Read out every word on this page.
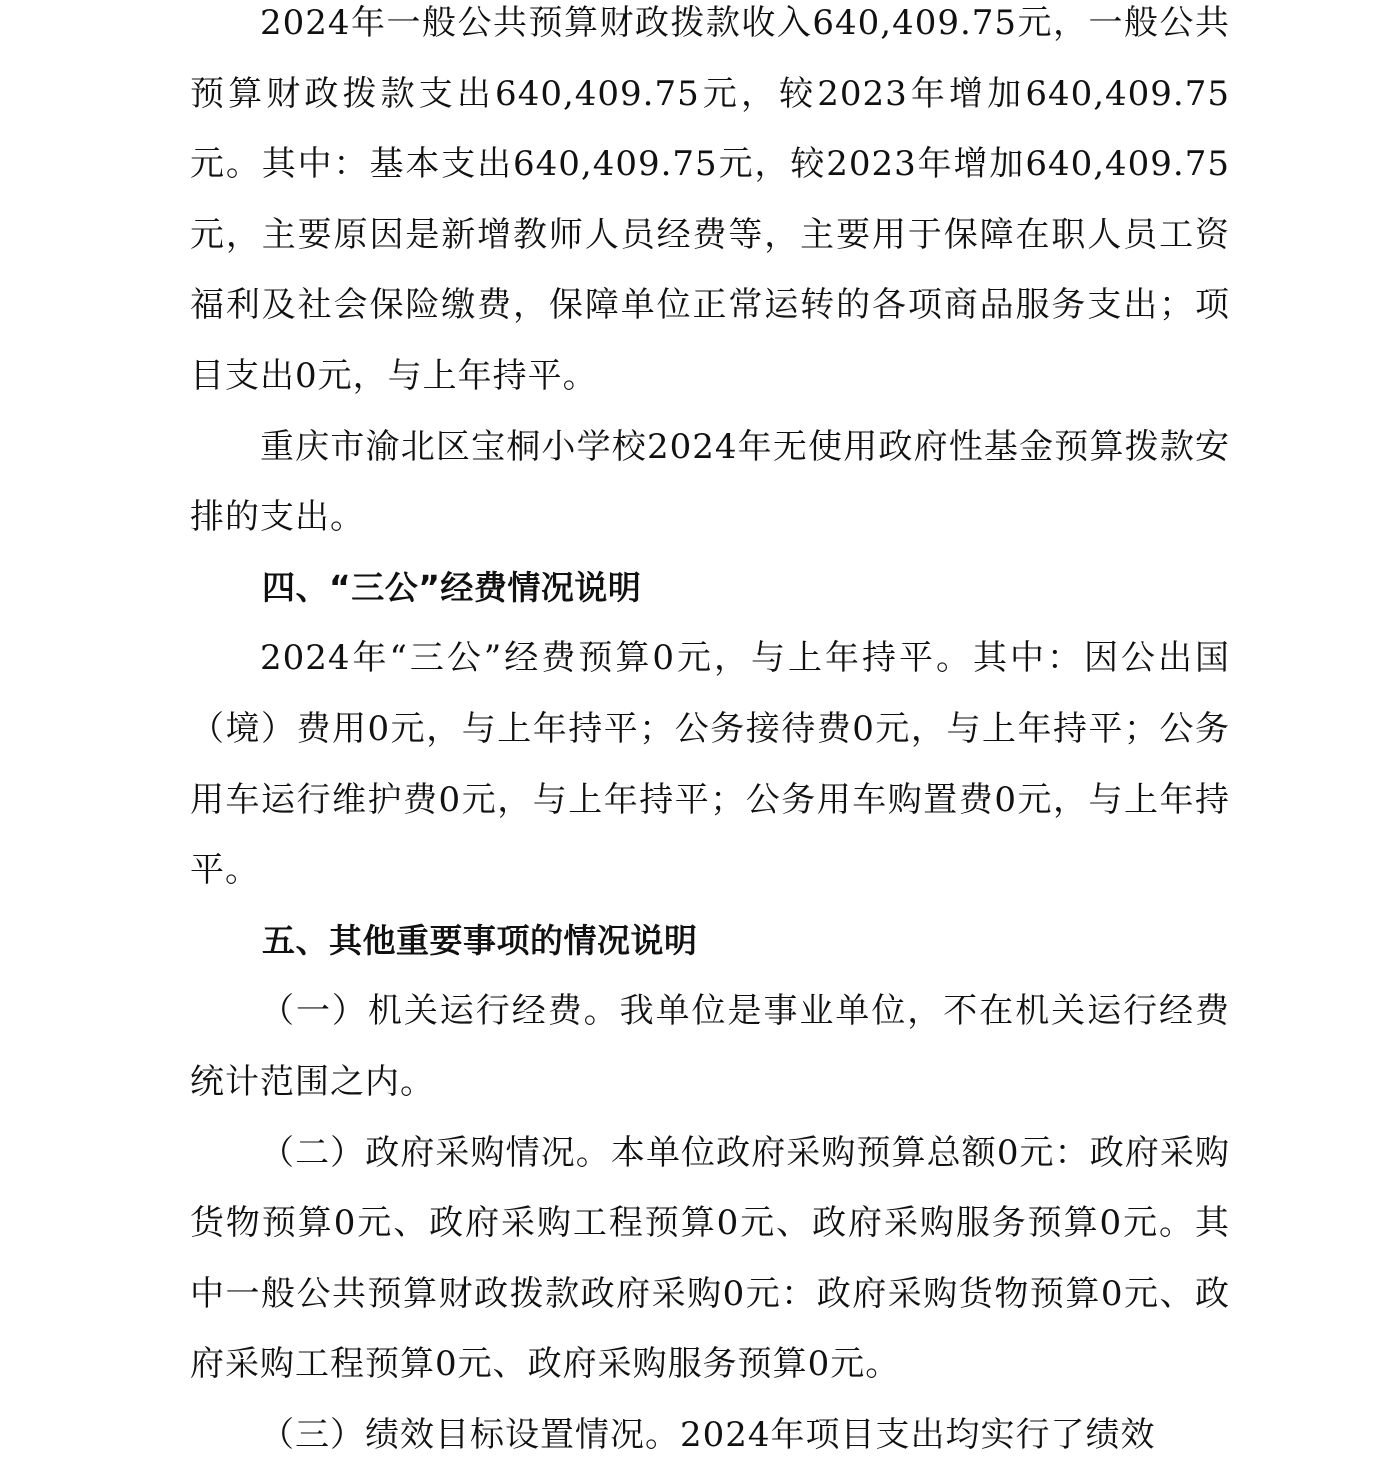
2024年一般公共预算财政拨款收入640,409.75元，一般公共预算财政拨款支出640,409.75元，较2023年增加640,409.75元。其中：基本支出640,409.75元，较2023年增加640,409.75元，主要原因是新增教师人员经费等，主要用于保障在职人员工资福利及社会保险缴费，保障单位正常运转的各项商品服务支出；项目支出0元，与上年持平。

重庆市渝北区宝桐小学校2024年无使用政府性基金预算拨款安排的支出。

四、“三公”经费情况说明

2024年“三公”经费预算0元，与上年持平。其中：因公出国（境）费用0元，与上年持平；公务接待费0元，与上年持平；公务用车运行维护费0元，与上年持平；公务用车购置费0元，与上年持平。

五、其他重要事项的情况说明

（一）机关运行经费。我单位是事业单位，不在机关运行经费统计范围之内。

（二）政府采购情况。本单位政府采购预算总额0元：政府采购货物预算0元、政府采购工程预算0元、政府采购服务预算0元。其中一般公共预算财政拨款政府采购0元：政府采购货物预算0元、政府采购工程预算0元、政府采购服务预算0元。

（三）绩效目标设置情况。2024年项目支出均实行了绩效
